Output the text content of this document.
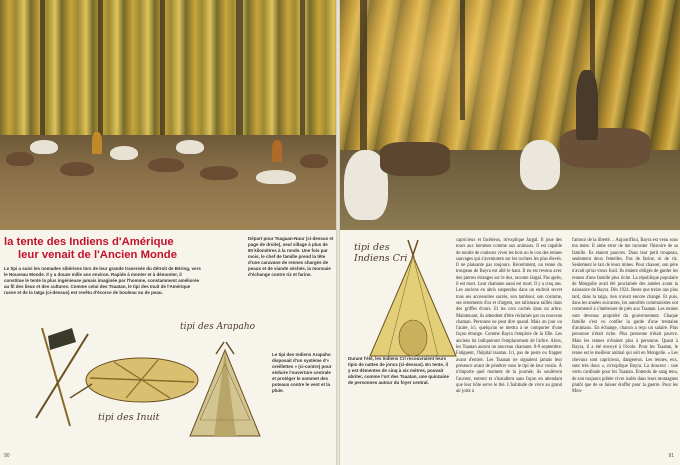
la tente des Indiens d'Amérique
leur venait de l'Ancien Monde
Le tipi a suivi les nomades sibériens lors de leur grande traversée du détroit de Béring, vers le Nouveau Monde. Il y a douze mille ans environ. Rapide à monter et à démonter, il constitue le tente la plus ingénieuse jamais imaginée par l'homme, constamment améliorée au fil des lieux et des cultures. Comme celui des Tsaatan, le tipi des Inuit de l'Amérique russe et de la taïga (ci-dessus) est revêtu d'écorce de bouleau ou de peau.
Départ pour Tsagaan-Nuur (ci-dessus et page de droite), seul village à plus de 80 kilomètres à la ronde. Une fois par mois, le chef de famille prend la tête d'une caravane de rennes chargés de peaux et de viande séchée, la monnaie d'échange contre riz et farine.
Le tipi des Indiens Arapaho disposait d'un système d'« oreillettes » (ci-contre) pour séduire l'ouverture centrale et protéger le sommet des poteaux contre le vent et la pluie.
tipi des Arapaho
tipi des Inuit
90
tipi des Indiens Cri
Durant l'été, les Indiens Cri recouvraient leurs tipis de nattes de joncs (ci-dessus). En tente, il y est démentes de cinq à six mètres, pouvait abriter, comme l'ort des Tsaatan, une quinzaine de personnes autour du foyer central.
capricieux et facétieux, m'explique Jargal. Il joue des tours aux hommes comme aux animaux. Il est capable de tondre de couleurs vives les bois ou le cou des rennes sauvages qui s'aventurent sur les rochers les plus élevés. Il ne plaisante pas toujours. Récemment, un renne du troupeau de Bayra est allé le haut. Il en est revenu avec des pierres étranges sur le dos, raconte Jargal. Pas après, il est mort. Leur chamane aussi est mort. Il y a cinq ans. Les anciens en abris suspendus dans un endroit secret tous ses accessoires sacrés, son tambour, son costume, ses ornements d'os et d'argent, ses talismans taillés dans des griffes d'ours. Et les cors cachés dans un arbre. Maintenant, ils attendent d'être réclamés par un nouveau chaman. Personne ne peut dire quand. Mais un jour ou l'autre, ici, quelqu'un se mettra à se comporter d'une façon étrange. Comme Bayra l'emploie de la fille. Les anciens lui indiqueront l'emplacement de l'arbre. Alors, les Tsaatan auront un nouveau chamane. 8-9 septembre. Fatiguent, l'hôpital tsaatan. Ici, pas de poste ou frapper avant d'entrer. Les Tsaatan ne signalent jamais leur présence avant de pénétrer sous le tipi de leur voisin. À n'importe quel moment de la journée, ils soulèvent l'auvent, entrent et s'installent sans façon en attendant que leur hôte serve le thé. L'habitude de vivre au grand air joint à
l'amour de la liberté… Aujourd'hui, Bayra est venu sous ma tente. Il aime errer de me raconter l'histoire de sa famille. Ils étaient pauvres. Dans leur petit troupeau, seulement deux femelles. Pas de farine, ni de riz. Seulement le lait de leurs mines. Pour chasser, son père n'avait qu'un vieux fusil. Ils étaient obligés de garder les rennes d'une famille plus riche. La république populaire de Mongolie avait été proclamée des années avant la naissance de Bayra. Dès 1924. Reste que treize ans plus tard, dans la taïga, rien n'avait encore changé. Et puis, dans les années suivantes, les autorités communistes ont commencé à s'intéresser de près aux Tsaatan. Les rennes sont devenus propriété du gouvernement. Chaque famille s'est vu confier la garde d'une trentaine d'animaux. En échange, chacun a reçu un salaire. Plus personne n'était riche. Plus personne n'était pauvre. Mais les rennes n'étaient plus à personne. Quant à Bayra, il a été envoyé à l'école. Pour les Tsaatan, le renne est le meilleur animal qui soit en Mongolie. « Les chevaux sont capricieux, dangereux. Les rennes, eux, sont très doux », m'explique Bayra. La douceur : une vertu cardinale pour les Tsaatan. Entendu de sang tenu, de son toujours prêtée vivre isolés dans leurs montagnes plutôt que de se laisser étoffer pour la guerre. Pour les Mon-
91
